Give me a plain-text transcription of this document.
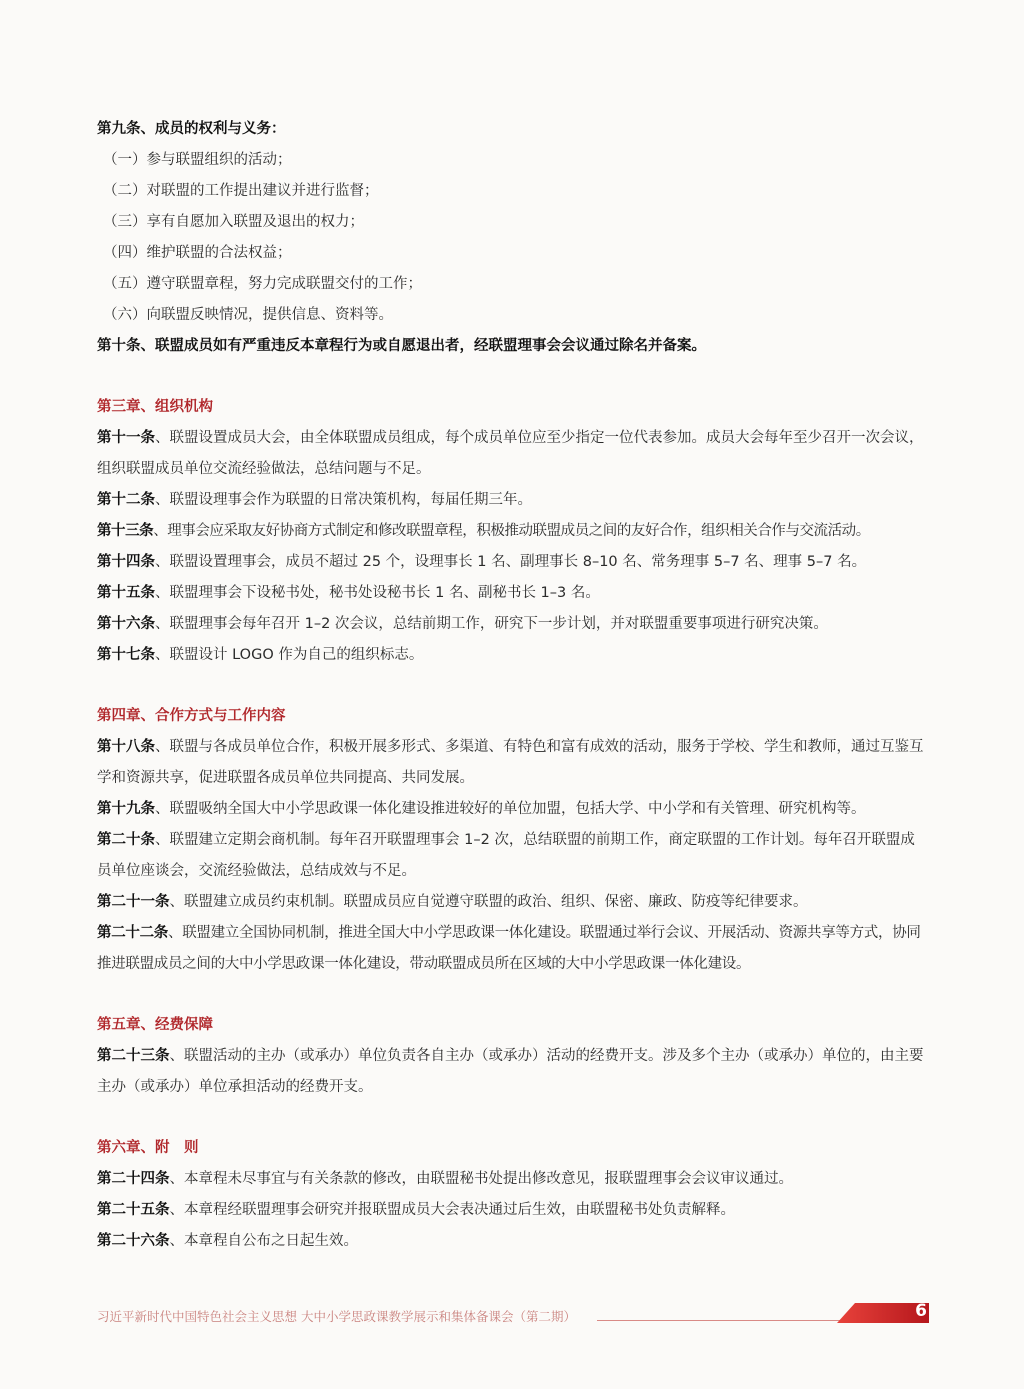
第九条、成员的权利与义务：

（一）参与联盟组织的活动；

（二）对联盟的工作提出建议并进行监督；

（三）享有自愿加入联盟及退出的权力；

（四）维护联盟的合法权益；

（五）遵守联盟章程，努力完成联盟交付的工作；

（六）向联盟反映情况，提供信息、资料等。

第十条、联盟成员如有严重违反本章程行为或自愿退出者，经联盟理事会会议通过除名并备案。

第三章、组织机构

第十一条、联盟设置成员大会，由全体联盟成员组成，每个成员单位应至少指定一位代表参加。成员大会每年至少召开一次会议，组织联盟成员单位交流经验做法，总结问题与不足。

第十二条、联盟设理事会作为联盟的日常决策机构，每届任期三年。

第十三条、理事会应采取友好协商方式制定和修改联盟章程，积极推动联盟成员之间的友好合作，组织相关合作与交流活动。

第十四条、联盟设置理事会，成员不超过 25 个，设理事长 1 名、副理事长 8–10 名、常务理事 5–7 名、理事 5–7 名。

第十五条、联盟理事会下设秘书处，秘书处设秘书长 1 名、副秘书长 1–3 名。

第十六条、联盟理事会每年召开 1–2 次会议，总结前期工作，研究下一步计划，并对联盟重要事项进行研究决策。

第十七条、联盟设计 LOGO 作为自己的组织标志。

第四章、合作方式与工作内容

第十八条、联盟与各成员单位合作，积极开展多形式、多渠道、有特色和富有成效的活动，服务于学校、学生和教师，通过互鉴互学和资源共享，促进联盟各成员单位共同提高、共同发展。

第十九条、联盟吸纳全国大中小学思政课一体化建设推进较好的单位加盟，包括大学、中小学和有关管理、研究机构等。

第二十条、联盟建立定期会商机制。每年召开联盟理事会 1–2 次，总结联盟的前期工作，商定联盟的工作计划。每年召开联盟成员单位座谈会，交流经验做法，总结成效与不足。

第二十一条、联盟建立成员约束机制。联盟成员应自觉遵守联盟的政治、组织、保密、廉政、防疫等纪律要求。

第二十二条、联盟建立全国协同机制，推进全国大中小学思政课一体化建设。联盟通过举行会议、开展活动、资源共享等方式，协同推进联盟成员之间的大中小学思政课一体化建设，带动联盟成员所在区域的大中小学思政课一体化建设。

第五章、经费保障

第二十三条、联盟活动的主办（或承办）单位负责各自主办（或承办）活动的经费开支。涉及多个主办（或承办）单位的，由主要主办（或承办）单位承担活动的经费开支。

第六章、附　则

第二十四条、本章程未尽事宜与有关条款的修改，由联盟秘书处提出修改意见，报联盟理事会会议审议通过。

第二十五条、本章程经联盟理事会研究并报联盟成员大会表决通过后生效，由联盟秘书处负责解释。

第二十六条、本章程自公布之日起生效。

习近平新时代中国特色社会主义思想 大中小学思政课教学展示和集体备课会（第二期）	6
